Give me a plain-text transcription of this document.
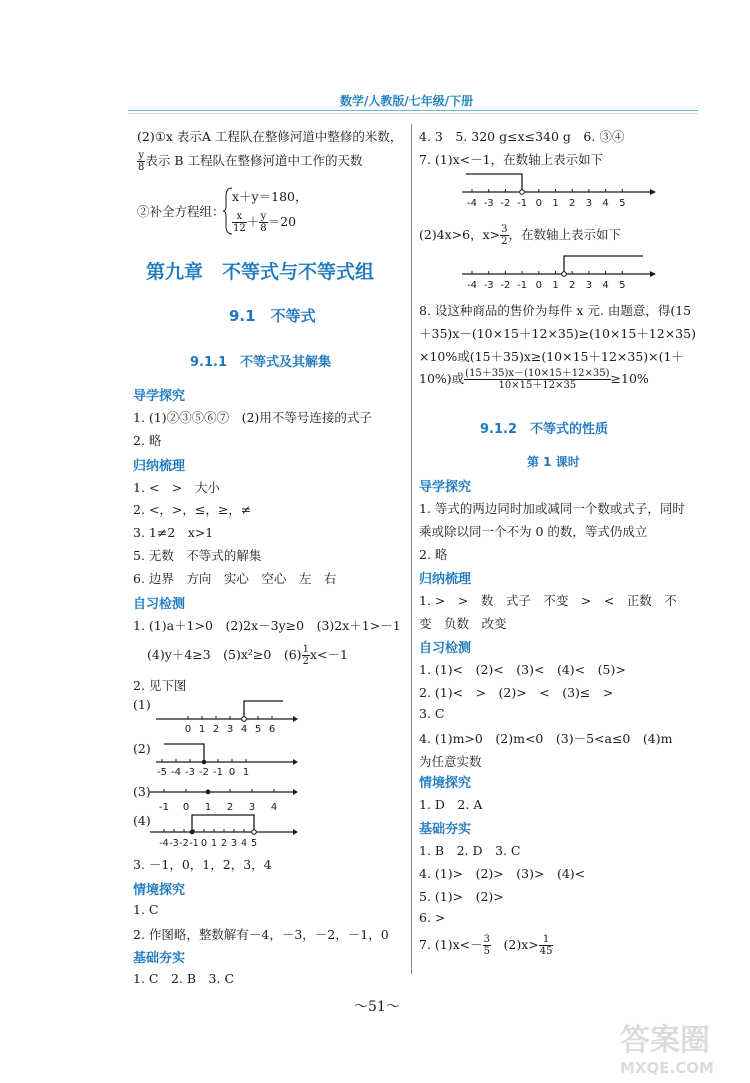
数学/人教版/七年级/下册
(2)①x 表示A 工程队在整修河道中整修的米数，
$\frac{y}{8}$ 表示 B 工程队在整修河道中工作的天数
②补全方程组：
x＋y＝180，
$\frac{x}{12} + \frac{y}{8} =20$
第九章　不等式与不等式组
9.1　不等式
9.1.1　不等式及其解集
导学探究
1. (1)②③⑤⑥⑦　(2)用不等号连接的式子
2. 略
归纳梳理
1. <　>　大小
2. <，>，≤，≥，≠
3. 1≠2　x>1
5. 无数　不等式的解集
6. 边界　方向　实心　空心　左　右
自习检测
1. (1)a＋1>0　(2)2x－3y≥0　(3)2x＋1>－1
(4)y＋4≥3　(5)x²≥0　$(6) \frac{1}{2} x<-1$
2. 见下图
(1)
0 1 2 3 4 5 6
(2)
-5 -4 -3 -2 -1 0 1
(3)
-1 0 1 2 3 4
(4)
-4 -3 -2 -1 0 1 2 3 4 5
3. －1，0，1，2，3，4
情境探究
1. C
2. 作图略，整数解有－4，－3，－2，－1，0
基础夯实
1. C　2. B　3. C
4. 3　5. 320 g≤x≤340 g　6. ③④
7. (1)x<－1，在数轴上表示如下
-4 -3 -2 -1 0 1 2 3 4 5
(2)4x>6，$x> \frac{3}{2}$ ，在数轴上表示如下
-4 -3 -2 -1 0 1 2 3 4 5
8. 设这种商品的售价为每件 x 元. 由题意，得(15
＋35)x－(10×15＋12×35)≥(10×15＋12×35)
×10%或(15＋35)x≥(10×15＋12×35)×(1＋
10%)或 $\frac{(15+35)x-(10\times 15+12\times 35)}{10\times 15+12\times 35} \ge 10\%$
9.1.2　不等式的性质
第 1 课时
导学探究
1. 等式的两边同时加或减同一个数或式子，同时
乘或除以同一个不为 0 的数，等式仍成立
2. 略
归纳梳理
1. >　>　数　式子　不变　>　<　正数　不
变　负数　改变
自习检测
1. (1)<　(2)<　(3)<　(4)<　(5)>
2. (1)<　>　(2)>　<　(3)≤　>
3. C
4. (1)m>0　(2)m<0　(3)－5<a≤0　(4)m
为任意实数
情境探究
1. D　2. A
基础夯实
1. B　2. D　3. C
4. (1)>　(2)>　(3)>　(4)<
5. (1)>　(2)>
6. >
7. $(1)x<- \frac{3}{5}$ 　$(2)x> \frac{1}{45}$
～51～
答案圈
MXQE.COM
